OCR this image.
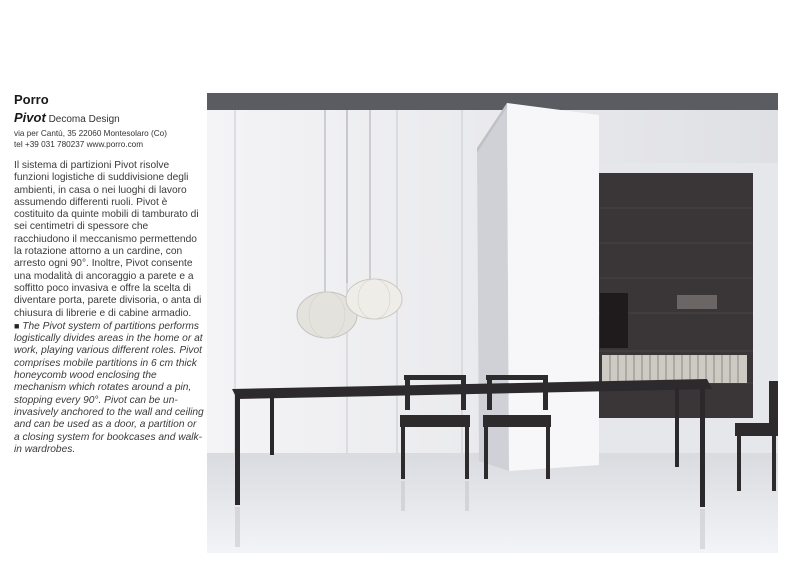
Porro
Pivot Decoma Design
via per Cantù, 35 22060 Montesolaro (Co)
tel +39 031 780237 www.porro.com

Il sistema di partizioni Pivot risolve funzioni logistiche di suddivisione degli ambienti, in casa o nei luoghi di lavoro assumendo differenti ruoli. Pivot è costituito da quinte mobili di tamburato di sei centimetri di spessore che racchiudono il meccanismo permettendo la rotazione attorno a un cardine, con arresto ogni 90°. Inoltre, Pivot consente una modalità di ancoraggio a parete e a soffitto poco invasiva e offre la scelta di diventare porta, parete divisoria, o anta di chiusura di librerie e di cabine armadio.

■ The Pivot system of partitions performs logistically divides areas in the home or at work, playing various different roles. Pivot comprises mobile partitions in 6 cm thick honeycomb wood enclosing the mechanism which rotates around a pin, stopping every 90°. Pivot can be un-invasively anchored to the wall and ceiling and can be used as a door, a partition or a closing system for bookcases and walk-in wardrobes.
